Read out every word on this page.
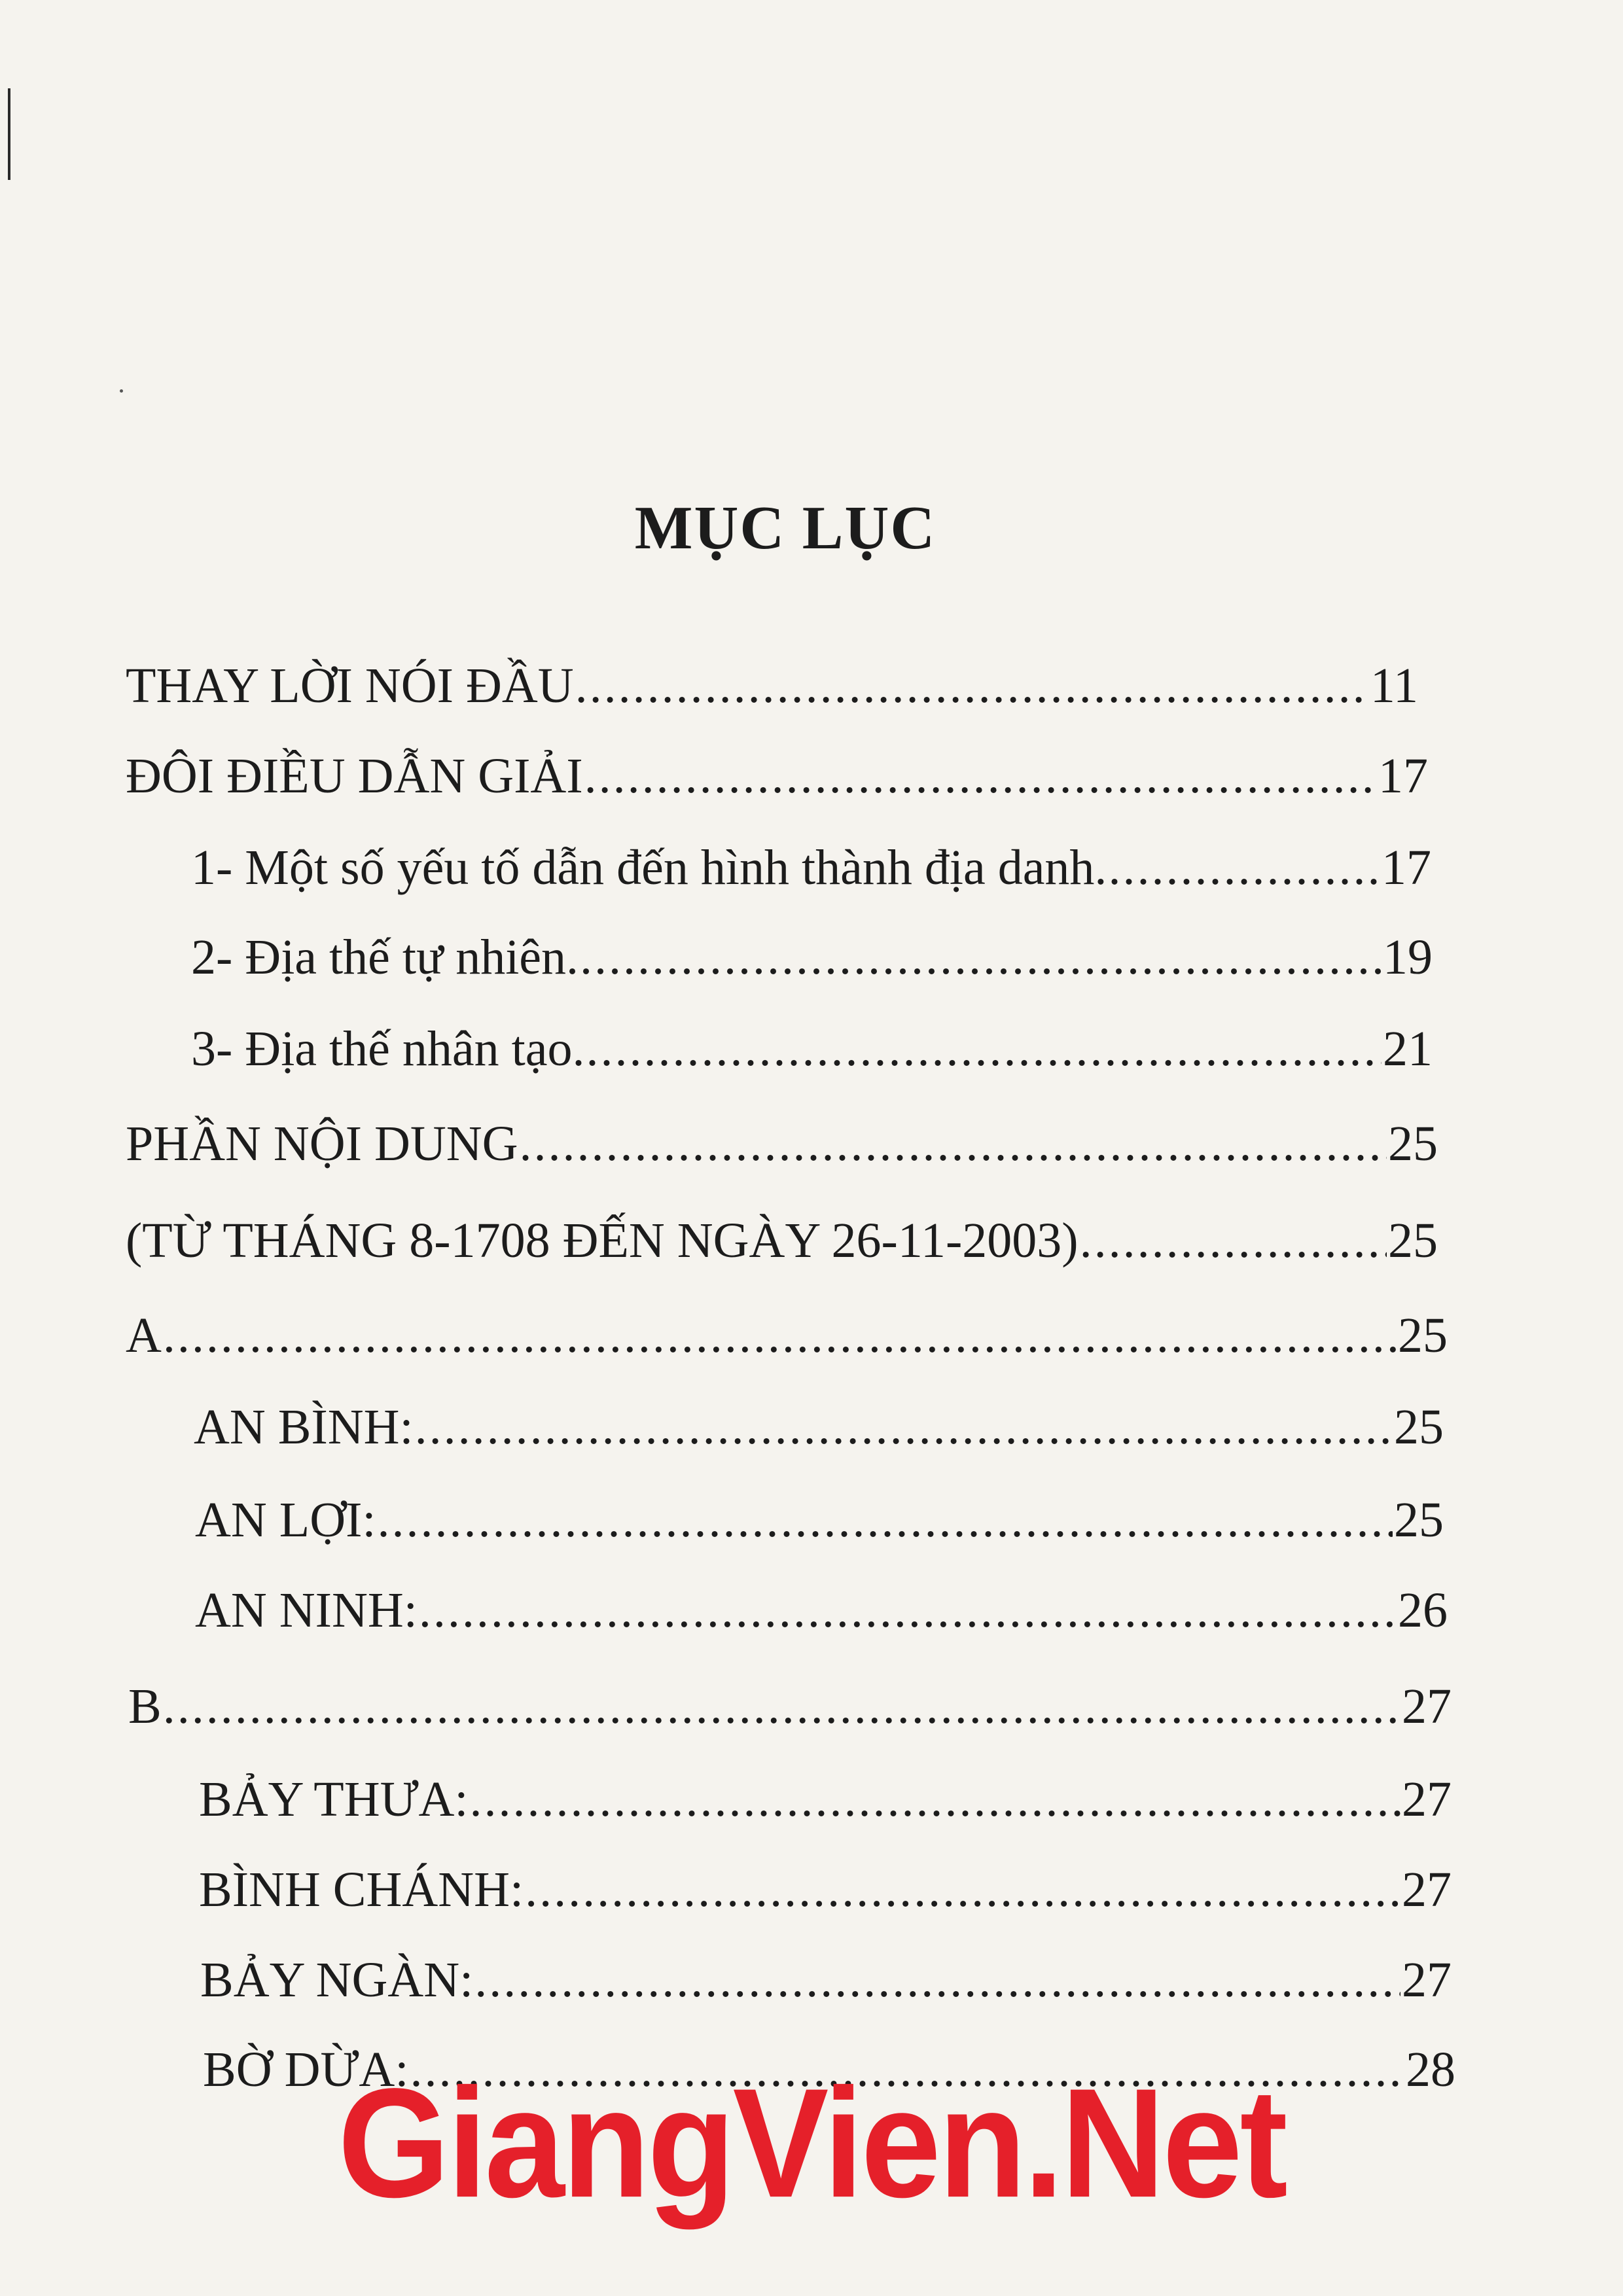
MỤC LỤC
THAY LỜI NÓI ĐẦU .....	11
ĐÔI ĐIỀU DẪN GIẢI .....	17
1- Một số yếu tố dẫn đến hình thành địa danh. .....	17
2- Địa thế tự nhiên. .....	19
3- Địa thế nhân tạo. .....	21
PHẦN NỘI DUNG .....	25
(TỪ THÁNG 8-1708 ĐẾN NGÀY 26-11-2003) .....	25
A .....	25
AN BÌNH: .....	25
AN LỢI: .....	25
AN NINH: .....	26
B .....	27
BẢY THƯA: .....	27
BÌNH CHÁNH: .....	27
BẢY NGÀN: .....	27
BỜ DỪA: .....	28
GiangVien.Net
